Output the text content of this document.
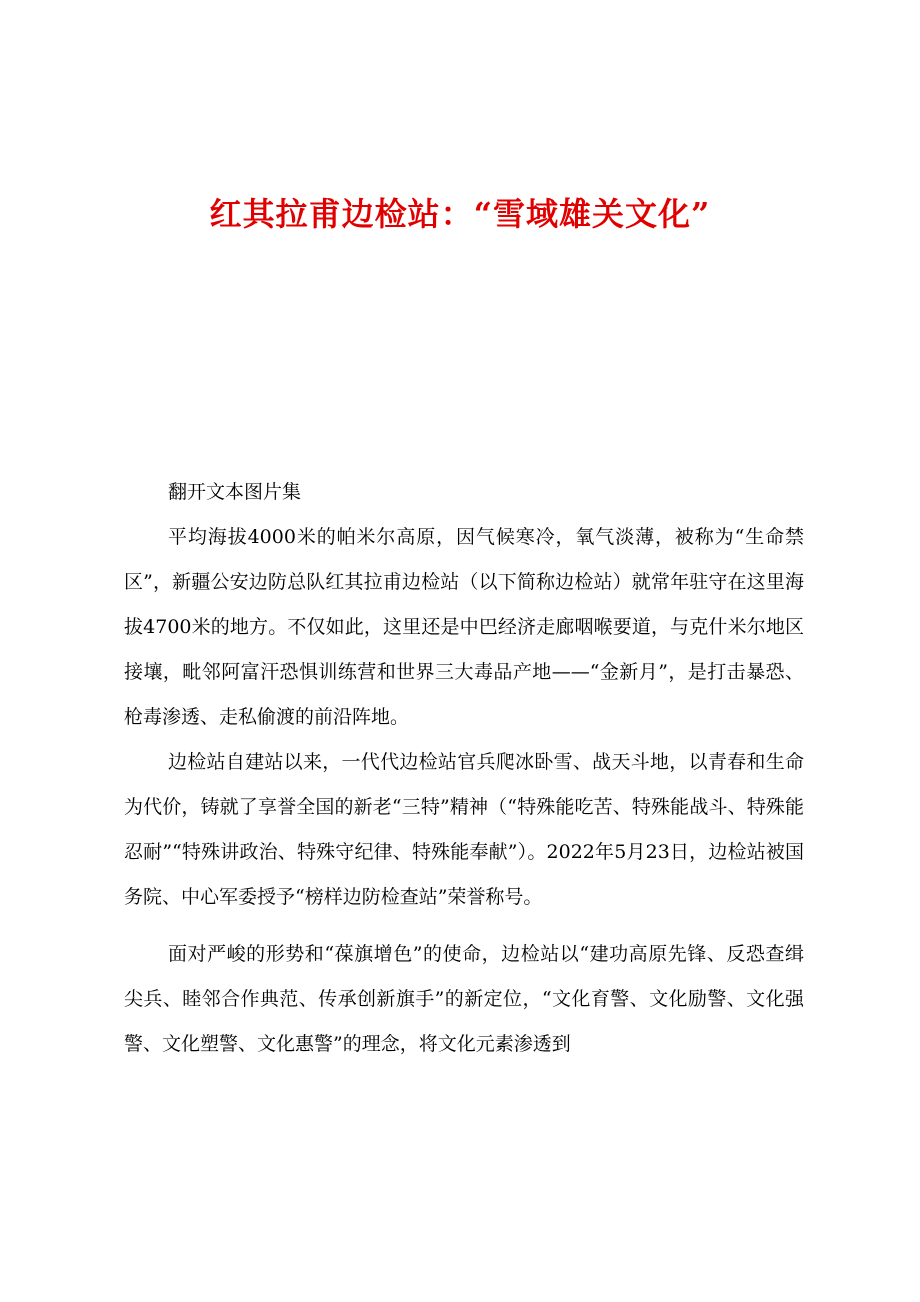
红其拉甫边检站：“雪域雄关文化”

翻开文本图片集

平均海拔4000米的帕米尔高原，因气候寒冷，氧气淡薄，被称为“生命禁区”，新疆公安边防总队红其拉甫边检站（以下简称边检站）就常年驻守在这里海拔4700米的地方。不仅如此，这里还是中巴经济走廊咽喉要道，与克什米尔地区接壤，毗邻阿富汗恐惧训练营和世界三大毒品产地——“金新月”，是打击暴恐、枪毒渗透、走私偷渡的前沿阵地。

边检站自建站以来，一代代边检站官兵爬冰卧雪、战天斗地，以青春和生命为代价，铸就了享誉全国的新老“三特”精神（“特殊能吃苦、特殊能战斗、特殊能忍耐”“特殊讲政治、特殊守纪律、特殊能奉献”）。2022年5月23日，边检站被国务院、中心军委授予“榜样边防检查站”荣誉称号。

面对严峻的形势和“葆旗增色”的使命，边检站以“建功高原先锋、反恐查缉尖兵、睦邻合作典范、传承创新旗手”的新定位，“文化育警、文化励警、文化强警、文化塑警、文化惠警”的理念，将文化元素渗透到
